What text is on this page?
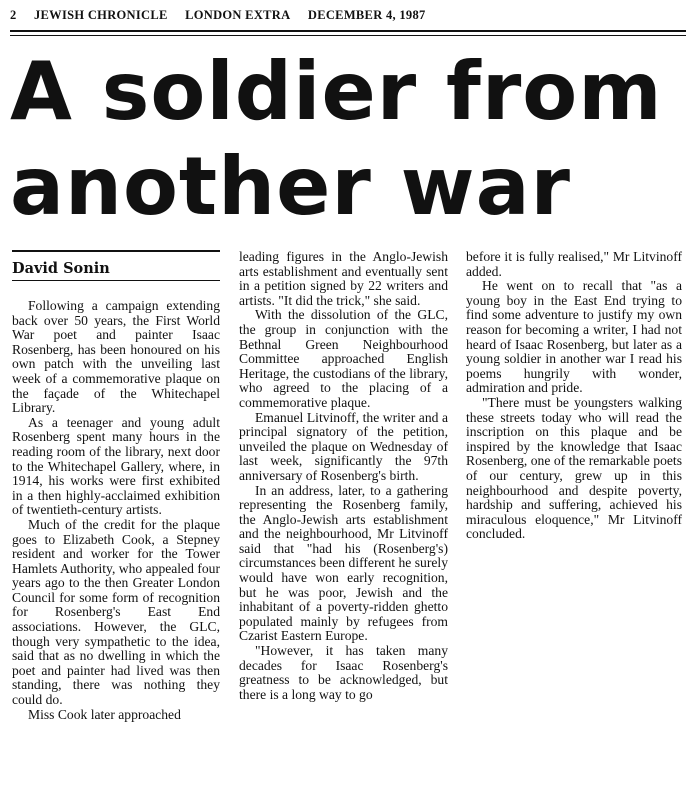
2 JEWISH CHRONICLE LONDON EXTRA DECEMBER 4, 1987
A soldier from
another war
David Sonin

Following a campaign extending back over 50 years, the First World War poet and painter Isaac Rosenberg, has been honoured on his own patch with the unveiling last week of a commemorative plaque on the façade of the Whitechapel Library.

As a teenager and young adult Rosenberg spent many hours in the reading room of the library, next door to the Whitechapel Gallery, where, in 1914, his works were first exhibited in a then highly-acclaimed exhibition of twentieth-century artists.

Much of the credit for the plaque goes to Elizabeth Cook, a Stepney resident and worker for the Tower Hamlets Authority, who appealed four years ago to the then Greater London Council for some form of recognition for Rosenberg's East End associations. However, the GLC, though very sympathetic to the idea, said that as no dwelling in which the poet and painter had lived was then standing, there was nothing they could do.

Miss Cook later approached

leading figures in the Anglo-Jewish arts establishment and eventually sent in a petition signed by 22 writers and artists. "It did the trick," she said.

With the dissolution of the GLC, the group in conjunction with the Bethnal Green Neighbourhood Committee approached English Heritage, the custodians of the library, who agreed to the placing of a commemorative plaque.

Emanuel Litvinoff, the writer and a principal signatory of the petition, unveiled the plaque on Wednesday of last week, significantly the 97th anniversary of Rosenberg's birth.

In an address, later, to a gathering representing the Rosenberg family, the Anglo-Jewish arts establishment and the neighbourhood, Mr Litvinoff said that "had his (Rosenberg's) circumstances been different he surely would have won early recognition, but he was poor, Jewish and the inhabitant of a poverty-ridden ghetto populated mainly by refugees from Czarist Eastern Europe.

"However, it has taken many decades for Isaac Rosenberg's greatness to be acknowledged, but there is a long way to go

before it is fully realised," Mr Litvinoff added.

He went on to recall that "as a young boy in the East End trying to find some adventure to justify my own reason for becoming a writer, I had not heard of Isaac Rosenberg, but later as a young soldier in another war I read his poems hungrily with wonder, admiration and pride.

"There must be youngsters walking these streets today who will read the inscription on this plaque and be inspired by the knowledge that Isaac Rosenberg, one of the remarkable poets of our century, grew up in this neighbourhood and despite poverty, hardship and suffering, achieved his miraculous eloquence," Mr Litvinoff concluded.
